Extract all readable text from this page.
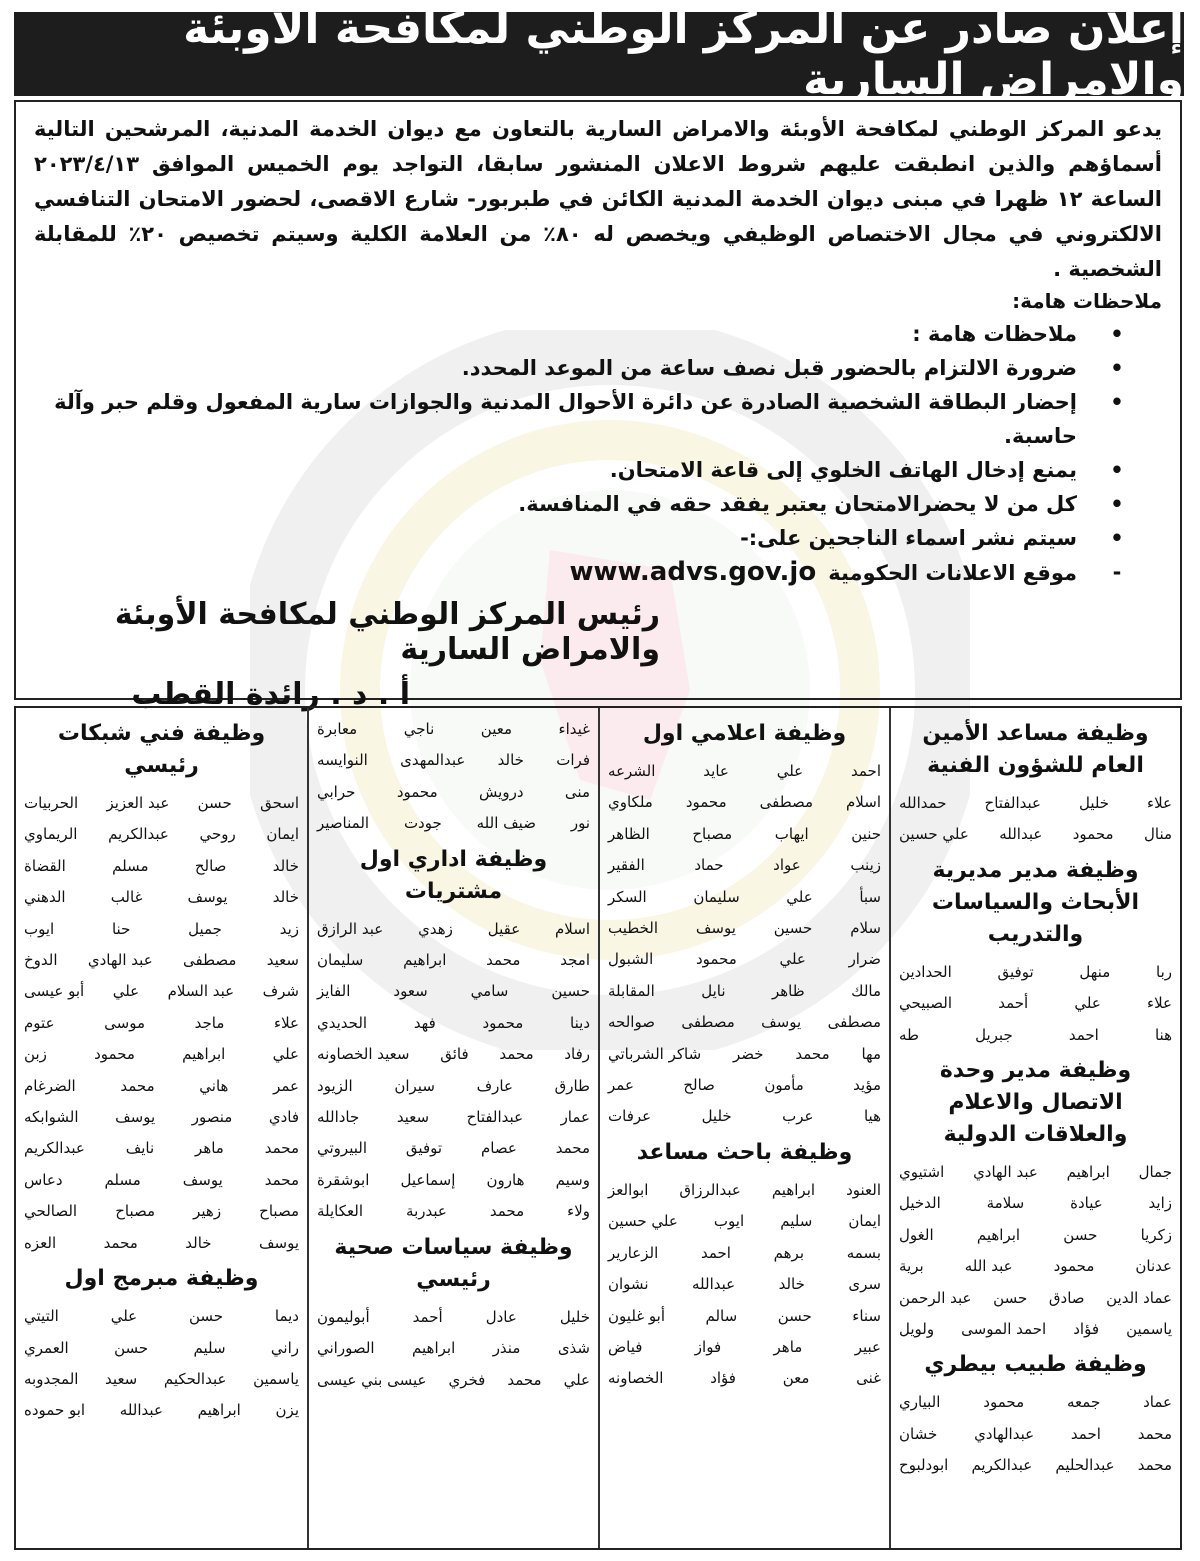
إعلان صادر عن المركز الوطني لمكافحة الأوبئة والامراض السارية

يدعو المركز الوطني لمكافحة الأوبئة والامراض السارية بالتعاون مع ديوان الخدمة المدنية، المرشحين التالية أسماؤهم والذين انطبقت عليهم شروط الاعلان المنشور سابقا، التواجد يوم الخميس الموافق ٢٠٢٣/٤/١٣ الساعة ١٢ ظهرا في مبنى ديوان الخدمة المدنية الكائن في طبربور- شارع الاقصى، لحضور الامتحان التنافسي الالكتروني في مجال الاختصاص الوظيفي ويخصص له ٨٠٪ من العلامة الكلية وسيتم تخصيص ٢٠٪ للمقابلة الشخصية .

ملاحظات هامة:
•
ملاحظات هامة :
•
ضرورة الالتزام بالحضور قبل نصف ساعة من الموعد المحدد.
•
إحضار البطاقة الشخصية الصادرة عن دائرة الأحوال المدنية والجوازات سارية المفعول وقلم حبر وآلة حاسبة.
•
يمنع إدخال الهاتف الخلوي إلى قاعة الامتحان.
•
كل من لا يحضرالامتحان يعتبر يفقد حقه في المنافسة.
•
سيتم نشر اسماء الناجحين على:-
-
موقع الاعلانات الحكوميةwww.advs.gov.jo

رئيس المركز الوطني لمكافحة الأوبئة والامراض السارية

أ . د . رائدة القطب

وظيفة مساعد الأمين العام للشؤون الفنية
علاء
خليل
عبدالفتاح
حمدالله
منال
محمود
عبدالله
علي حسين
وظيفة مدير مديرية الأبحاث والسياسات والتدريب
ربا
منهل
توفيق
الحدادين
علاء
علي
أحمد
الصبيحي
هنا
احمد
جبريل
طه
وظيفة مدير وحدة الاتصال والاعلام والعلاقات الدولية
جمال
ابراهيم
عبد الهادي
اشتيوي
زايد
عيادة
سلامة
الدخيل
زكريا
حسن
ابراهيم
الغول
عدنان
محمود
عبد الله
برية
عماد الدين
صادق
حسن
عبد الرحمن
ياسمين
فؤاد
احمد الموسى
ولويل
وظيفة طبيب بيطري
عماد
جمعه
محمود
البياري
محمد
احمد
عبدالهادي
خشان
محمد
عبدالحليم
عبدالكريم
ابودلبوح
وظيفة اعلامي اول
احمد
علي
عايد
الشرعه
اسلام
مصطفى
محمود
ملكاوي
حنين
ايهاب
مصباح
الظاهر
زينب
عواد
حماد
الفقير
سبأ
علي
سليمان
السكر
سلام
حسين
يوسف
الخطيب
ضرار
علي
محمود
الشبول
مالك
ظاهر
نايل
المقابلة
مصطفى
يوسف
مصطفى
صوالحه
مها
محمد
خضر
شاكر الشرباتي
مؤيد
مأمون
صالح
عمر
هيا
عرب
خليل
عرفات
وظيفة باحث مساعد
العنود
ابراهيم
عبدالرزاق
ابوالعز
ايمان
سليم
ايوب
علي حسين
بسمه
برهم
احمد
الزعارير
سرى
خالد
عبدالله
نشوان
سناء
حسن
سالم
أبو غليون
عبير
ماهر
فواز
فياض
غنى
معن
فؤاد
الخصاونه
غيداء
معين
ناجي
معابرة
فرات
خالد
عبدالمهدى
النوايسه
منى
درويش
محمود
حرابي
نور
ضيف الله
جودت
المناصير
وظيفة اداري اول مشتريات
اسلام
عقيل
زهدي
عبد الرازق
امجد
محمد
ابراهيم
سليمان
حسين
سامي
سعود
الفايز
دينا
محمود
فهد
الحديدي
رفاد
محمد
فائق
سعيد الخصاونه
طارق
عارف
سيران
الزيود
عمار
عبدالفتاح
سعيد
جادالله
محمد
عصام
توفيق
البيروتي
وسيم
هارون
إسماعيل
ابوشقرة
ولاء
محمد
عبدربة
العكايلة
وظيفة سياسات صحية رئيسي
خليل
عادل
أحمد
أبوليمون
شذى
منذر
ابراهيم
الصوراني
علي
محمد
فخري
عيسى بني عيسى
وظيفة فني شبكات رئيسي
اسحق
حسن
عبد العزيز
الحربيات
ايمان
روحي
عبدالكريم
الريماوي
خالد
صالح
مسلم
القضاة
خالد
يوسف
غالب
الدهني
زيد
جميل
حنا
ايوب
سعيد
مصطفى
عبد الهادي
الدوخ
شرف
عبد السلام
علي
أبو عيسى
علاء
ماجد
موسى
عتوم
علي
ابراهيم
محمود
زبن
عمر
هاني
محمد
الضرغام
فادي
منصور
يوسف
الشوابكه
محمد
ماهر
نايف
عبدالكريم
محمد
يوسف
مسلم
دعاس
مصباح
زهير
مصباح
الصالحي
يوسف
خالد
محمد
العزه
وظيفة مبرمج اول
ديما
حسن
علي
التيتي
راني
سليم
حسن
العمري
ياسمين
عبدالحكيم
سعيد
المجدوبه
يزن
ابراهيم
عبدالله
ابو حموده
